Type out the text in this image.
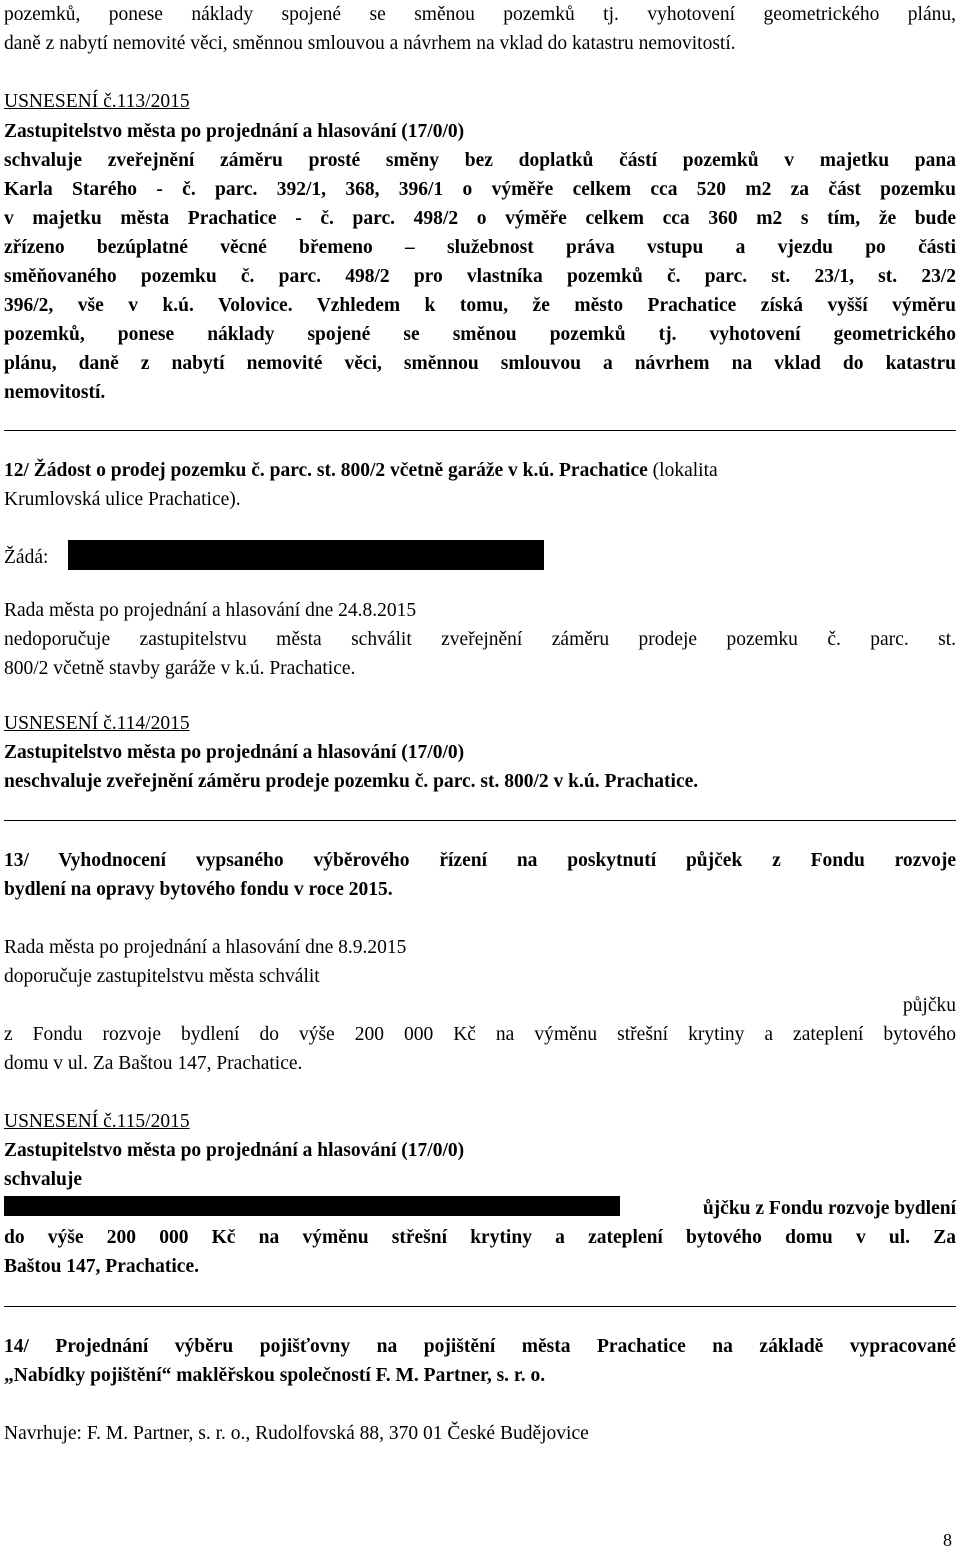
pozemků, ponese náklady spojené se směnou pozemků tj. vyhotovení geometrického plánu,
daně z nabytí nemovité věci, směnnou smlouvou a návrhem na vklad do katastru nemovitostí.
USNESENÍ č.113/2015
Zastupitelstvo města po projednání a hlasování (17/0/0)
schvaluje zveřejnění záměru prosté směny bez doplatků částí pozemků v majetku pana
Karla Starého - č. parc. 392/1, 368, 396/1 o výměře celkem cca 520 m2 za část pozemku
v majetku města Prachatice - č. parc. 498/2 o výměře celkem cca 360 m2 s tím, že bude
zřízeno bezúplatné věcné břemeno – služebnost práva vstupu a vjezdu po části
směňovaného pozemku č. parc. 498/2 pro vlastníka pozemků č. parc. st. 23/1, st. 23/2
396/2, vše v k.ú. Volovice. Vzhledem k tomu, že město Prachatice získá vyšší výměru
pozemků, ponese náklady spojené se směnou pozemků tj. vyhotovení geometrického
plánu, daně z nabytí nemovité věci, směnnou smlouvou a návrhem na vklad do katastru
nemovitostí.
12/ Žádost o prodej pozemku č. parc. st. 800/2 včetně garáže v k.ú. Prachatice (lokalita
Krumlovská ulice Prachatice).
Žádá:
Rada města po projednání a hlasování dne 24.8.2015
nedoporučuje zastupitelstvu města schválit zveřejnění záměru prodeje pozemku č. parc. st.
800/2 včetně stavby garáže v k.ú. Prachatice.
USNESENÍ č.114/2015
Zastupitelstvo města po projednání a hlasování (17/0/0)
neschvaluje zveřejnění záměru prodeje pozemku č. parc. st. 800/2 v k.ú. Prachatice.
13/ Vyhodnocení vypsaného výběrového řízení na poskytnutí půjček z Fondu rozvoje
bydlení na opravy bytového fondu v roce 2015.
Rada města po projednání a hlasování dne 8.9.2015
doporučuje zastupitelstvu města schválit
půjčku
z Fondu rozvoje bydlení do výše 200 000 Kč na výměnu střešní krytiny a zateplení bytového
domu v ul. Za Baštou 147, Prachatice.
USNESENÍ č.115/2015
Zastupitelstvo města po projednání a hlasování (17/0/0)
schvaluje
ůjčku z Fondu rozvoje bydlení
do výše 200 000 Kč na výměnu střešní krytiny a zateplení bytového domu v ul. Za
Baštou 147, Prachatice.
14/ Projednání výběru pojišťovny na pojištění města Prachatice na základě vypracované
„Nabídky pojištění“ maklěřskou společností F. M. Partner, s. r. o.
Navrhuje: F. M. Partner, s. r. o., Rudolfovská 88, 370 01 České Budějovice
8
